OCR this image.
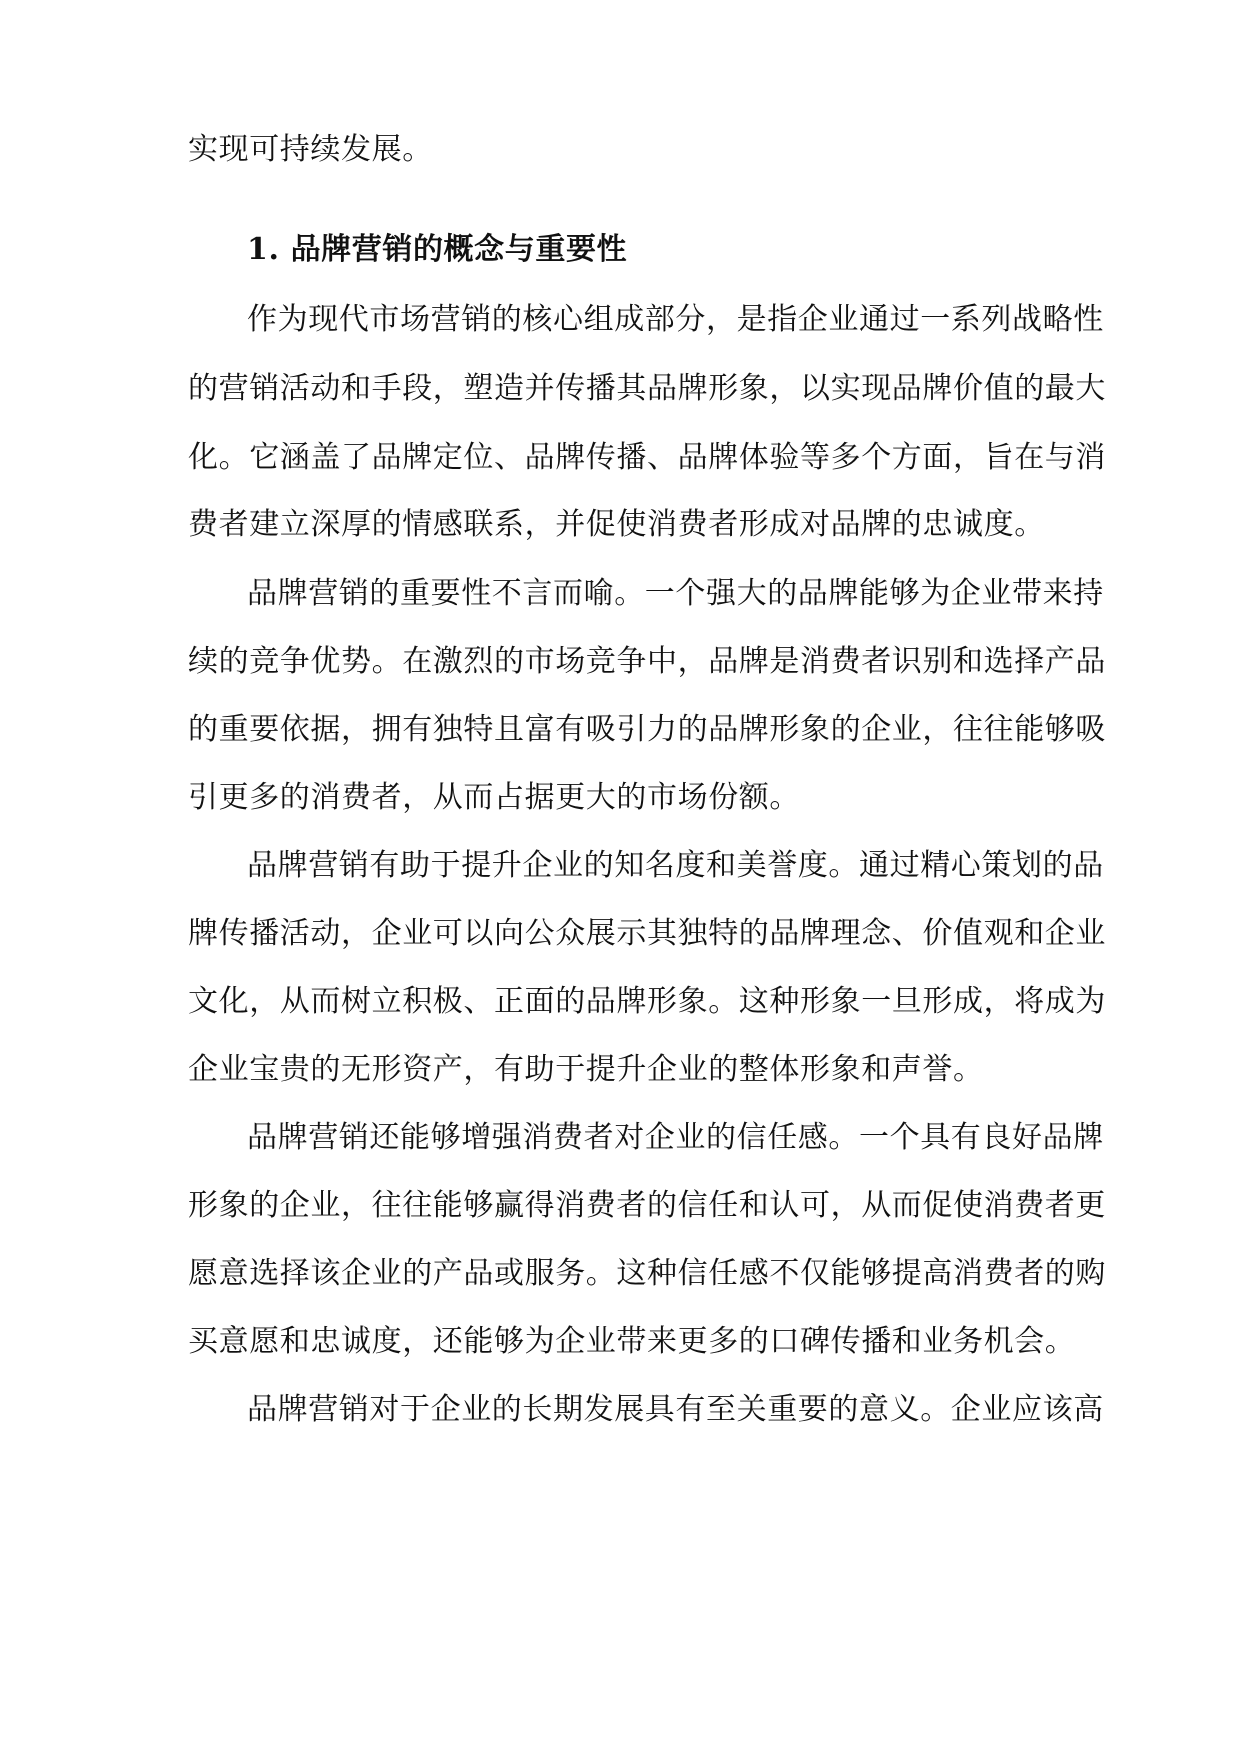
实现可持续发展。
1. 品牌营销的概念与重要性
作为现代市场营销的核心组成部分，是指企业通过一系列战略性
的营销活动和手段，塑造并传播其品牌形象，以实现品牌价值的最大
化。它涵盖了品牌定位、品牌传播、品牌体验等多个方面，旨在与消
费者建立深厚的情感联系，并促使消费者形成对品牌的忠诚度。
品牌营销的重要性不言而喻。一个强大的品牌能够为企业带来持
续的竞争优势。在激烈的市场竞争中，品牌是消费者识别和选择产品
的重要依据，拥有独特且富有吸引力的品牌形象的企业，往往能够吸
引更多的消费者，从而占据更大的市场份额。
品牌营销有助于提升企业的知名度和美誉度。通过精心策划的品
牌传播活动，企业可以向公众展示其独特的品牌理念、价值观和企业
文化，从而树立积极、正面的品牌形象。这种形象一旦形成，将成为
企业宝贵的无形资产，有助于提升企业的整体形象和声誉。
品牌营销还能够增强消费者对企业的信任感。一个具有良好品牌
形象的企业，往往能够赢得消费者的信任和认可，从而促使消费者更
愿意选择该企业的产品或服务。这种信任感不仅能够提高消费者的购
买意愿和忠诚度，还能够为企业带来更多的口碑传播和业务机会。
品牌营销对于企业的长期发展具有至关重要的意义。企业应该高
